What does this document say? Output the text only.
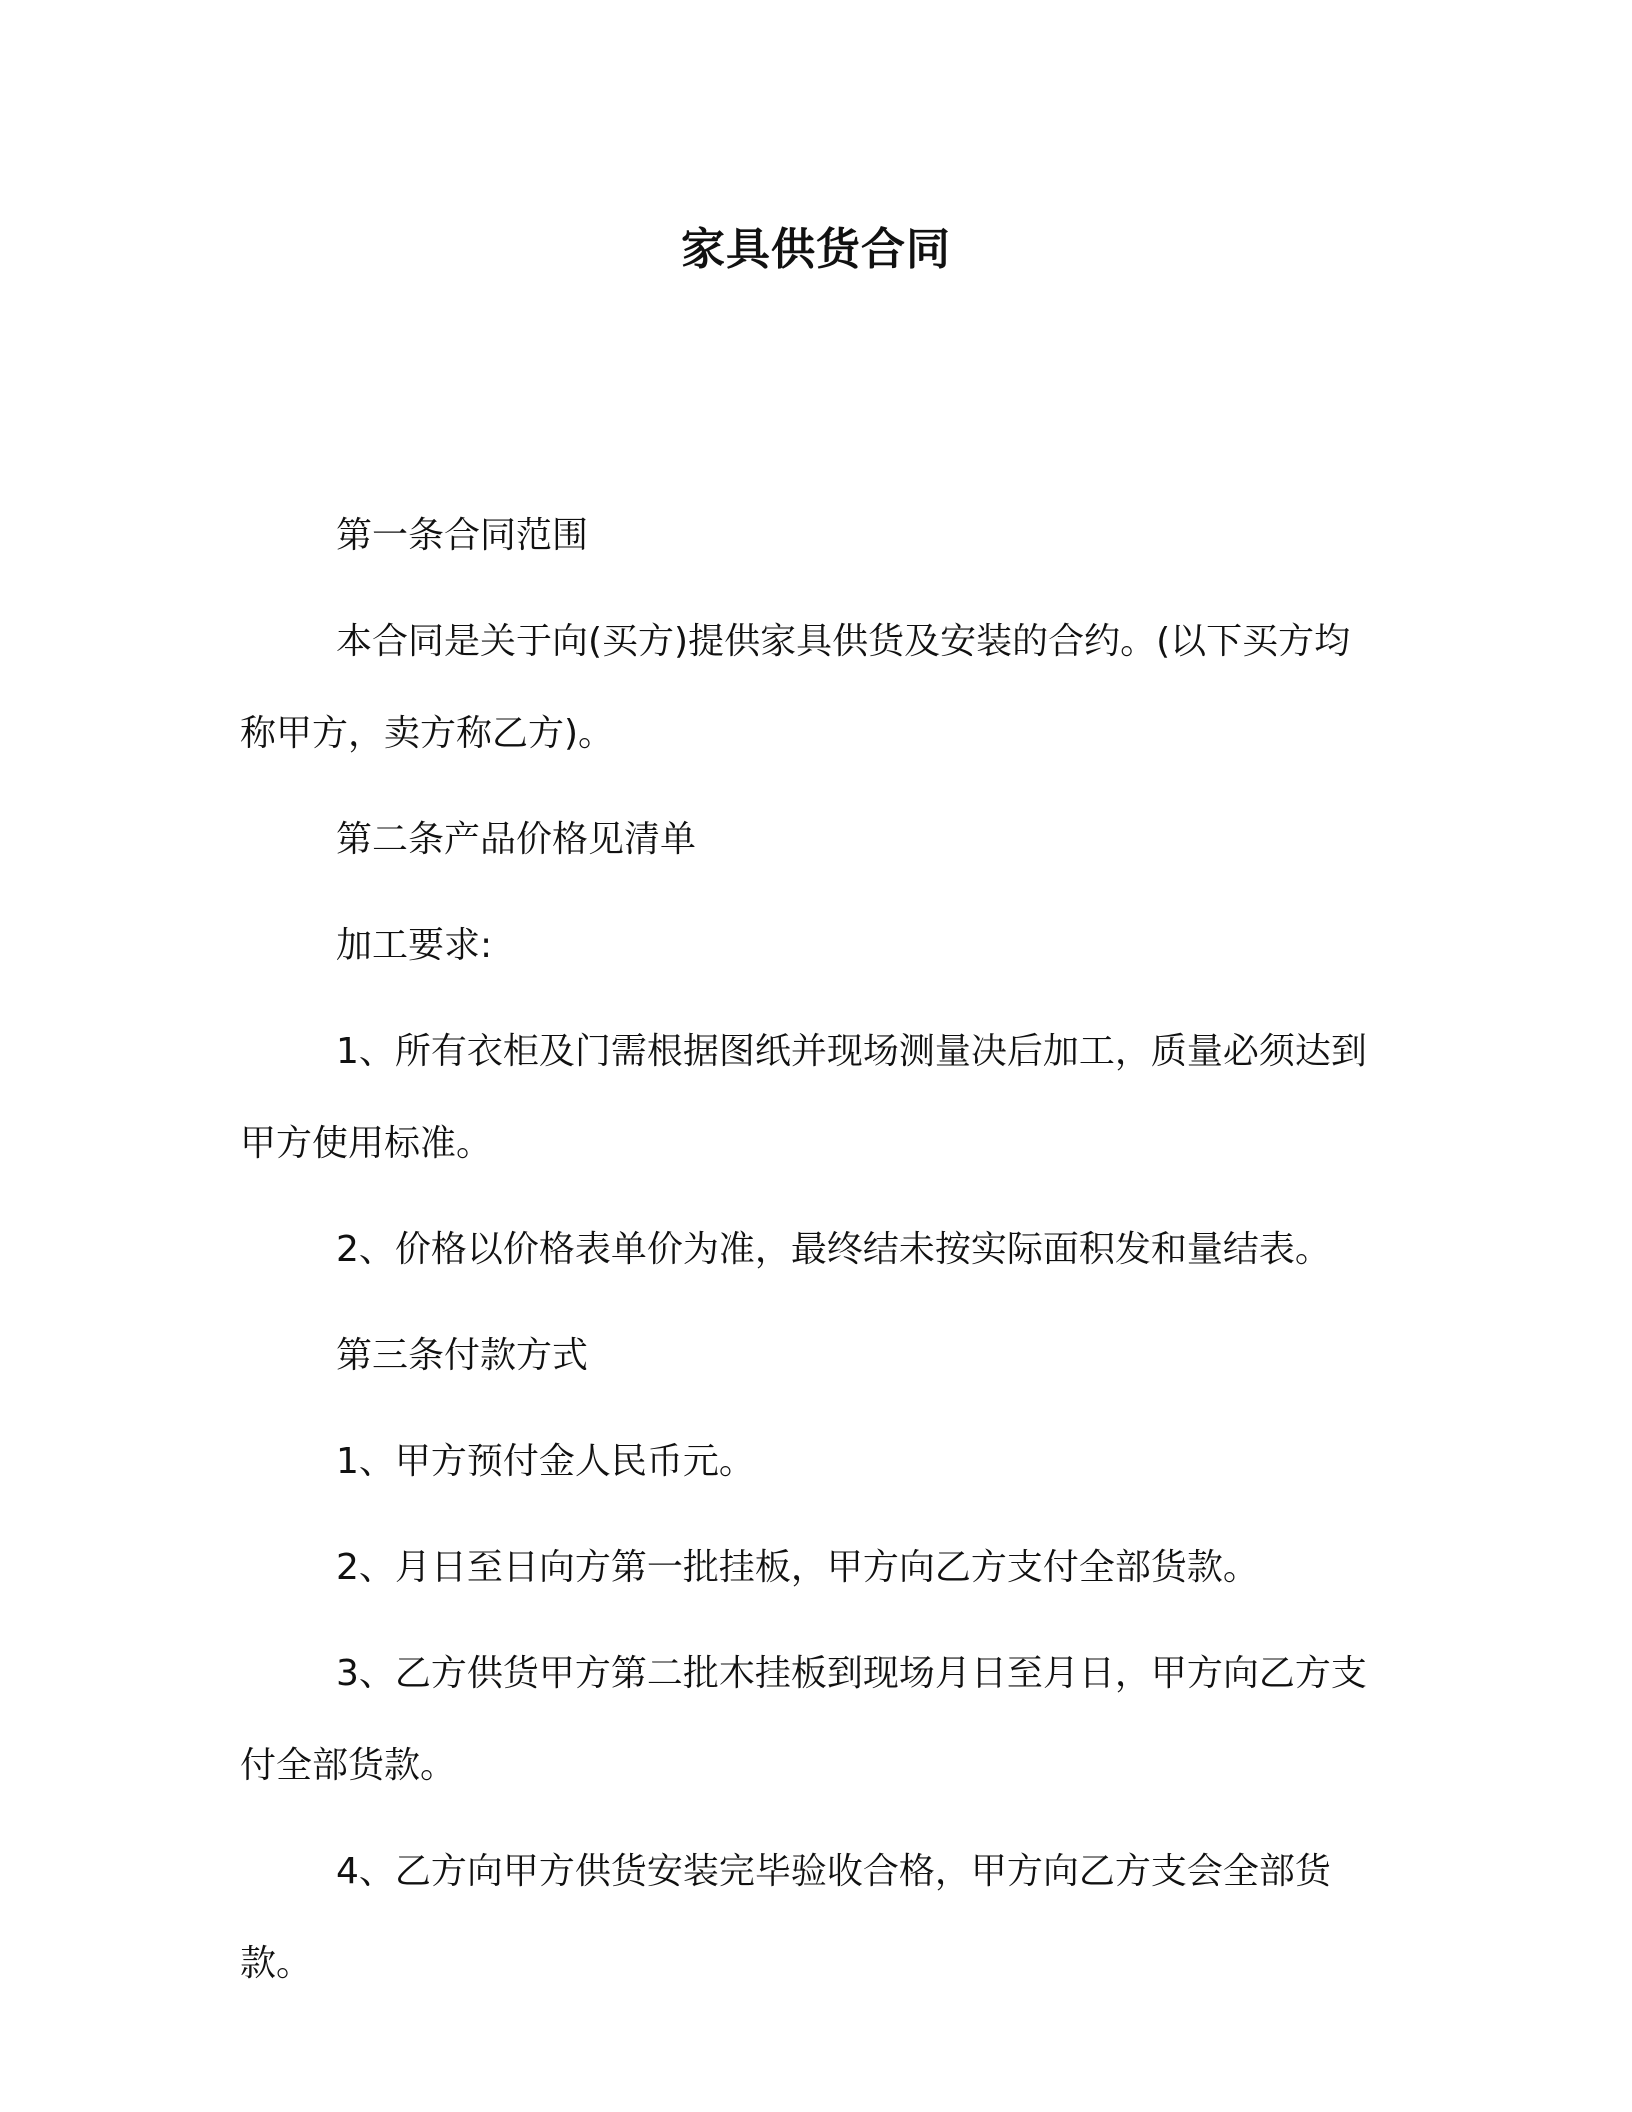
家具供货合同

第一条合同范围

本合同是关于向(买方)提供家具供货及安装的合约。(以下买方均称甲方，卖方称乙方)。

第二条产品价格见清单

加工要求:

1、所有衣柜及门需根据图纸并现场测量决后加工，质量必须达到甲方使用标准。

2、价格以价格表单价为准，最终结未按实际面积发和量结表。

第三条付款方式

1、甲方预付金人民币元。

2、月日至日向方第一批挂板，甲方向乙方支付全部货款。

3、乙方供货甲方第二批木挂板到现场月日至月日，甲方向乙方支付全部货款。

4、乙方向甲方供货安装完毕验收合格，甲方向乙方支会全部货款。
